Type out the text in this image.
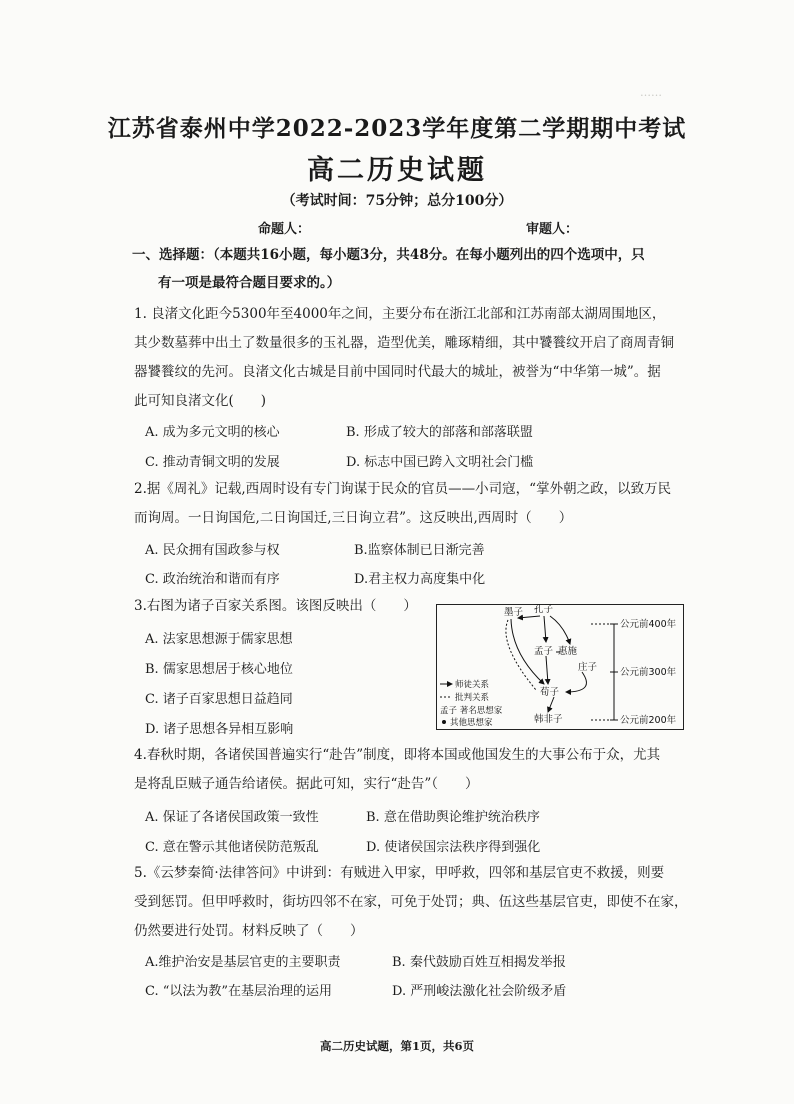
……
江苏省泰州中学2022-2023学年度第二学期期中考试
高二历史试题
（考试时间：75分钟；总分100分）
命题人：	审题人：
一、选择题：（本题共16小题，每小题3分，共48分。在每小题列出的四个选项中，只
有一项是最符合题目要求的。）
1. 良渚文化距今5300年至4000年之间，主要分布在浙江北部和江苏南部太湖周围地区，
其少数墓葬中出土了数量很多的玉礼器，造型优美，雕琢精细，其中饕餮纹开启了商周青铜
器饕餮纹的先河。良渚文化古城是目前中国同时代最大的城址，被誉为“中华第一城”。据
此可知良渚文化(　　)
A. 成为多元文明的核心	B. 形成了较大的部落和部落联盟
C. 推动青铜文明的发展	D. 标志中国已跨入文明社会门槛
2.据《周礼》记载,西周时设有专门询谋于民众的官员——小司寇，“掌外朝之政，以致万民
而询周。一日询国危,二日询国迁,三日询立君”。这反映出,西周时（　　）
A. 民众拥有国政参与权	B.监察体制已日渐完善
C. 政治统治和谐而有序	D.君主权力高度集中化
3.右图为诸子百家关系图。该图反映出（　　）
A. 法家思想源于儒家思想
B. 儒家思想居于核心地位
C. 诸子百家思想日益趋同
D. 诸子思想各异相互影响
公元前400年
公元前300年
公元前200年
墨子 孔子
孟子 惠施
庄子
荀子
韩非子
师徒关系
批判关系
孟子 著名思想家
其他思想家
4.春秋时期，各诸侯国普遍实行“赴告”制度，即将本国或他国发生的大事公布于众，尤其
是将乱臣贼子通告给诸侯。据此可知，实行“赴告”（　　）
A. 保证了各诸侯国政策一致性	B. 意在借助舆论维护统治秩序
C. 意在警示其他诸侯防范叛乱	D. 使诸侯国宗法秩序得到强化
5.《云梦秦简·法律答问》中讲到：有贼进入甲家，甲呼救，四邻和基层官吏不救援，则要
受到惩罚。但甲呼救时，街坊四邻不在家，可免于处罚；典、伍这些基层官吏，即使不在家，
仍然要进行处罚。材料反映了（　　）
A.维护治安是基层官吏的主要职责	B. 秦代鼓励百姓互相揭发举报
C. “以法为教”在基层治理的运用	D. 严刑峻法激化社会阶级矛盾
高二历史试题，第1页，共6页
